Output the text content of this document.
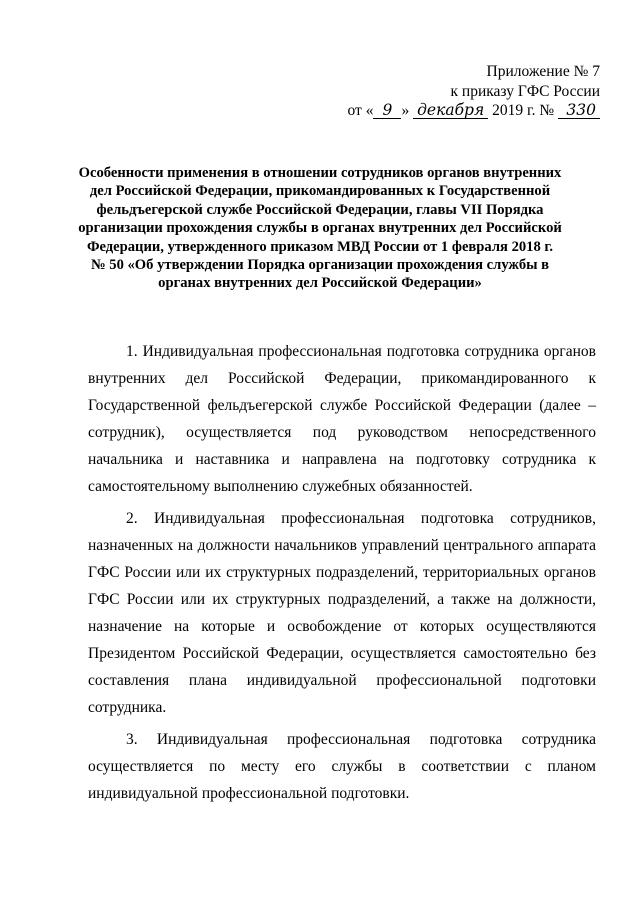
Приложение № 7
к приказу ГФС России
от « 9 » декабря 2019 г. № 330
Особенности применения в отношении сотрудников органов внутренних дел Российской Федерации, прикомандированных к Государственной фельдъегерской службе Российской Федерации, главы VII Порядка организации прохождения службы в органах внутренних дел Российской Федерации, утвержденного приказом МВД России от 1 февраля 2018 г. № 50 «Об утверждении Порядка организации прохождения службы в органах внутренних дел Российской Федерации»

1. Индивидуальная профессиональная подготовка сотрудника органов внутренних дел Российской Федерации, прикомандированного к Государственной фельдъегерской службе Российской Федерации (далее – сотрудник), осуществляется под руководством непосредственного начальника и наставника и направлена на подготовку сотрудника к самостоятельному выполнению служебных обязанностей.

2. Индивидуальная профессиональная подготовка сотрудников, назначенных на должности начальников управлений центрального аппарата ГФС России или их структурных подразделений, территориальных органов ГФС России или их структурных подразделений, а также на должности, назначение на которые и освобождение от которых осуществляются Президентом Российской Федерации, осуществляется самостоятельно без составления плана индивидуальной профессиональной подготовки сотрудника.

3. Индивидуальная профессиональная подготовка сотрудника осуществляется по месту его службы в соответствии с планом индивидуальной профессиональной подготовки.
